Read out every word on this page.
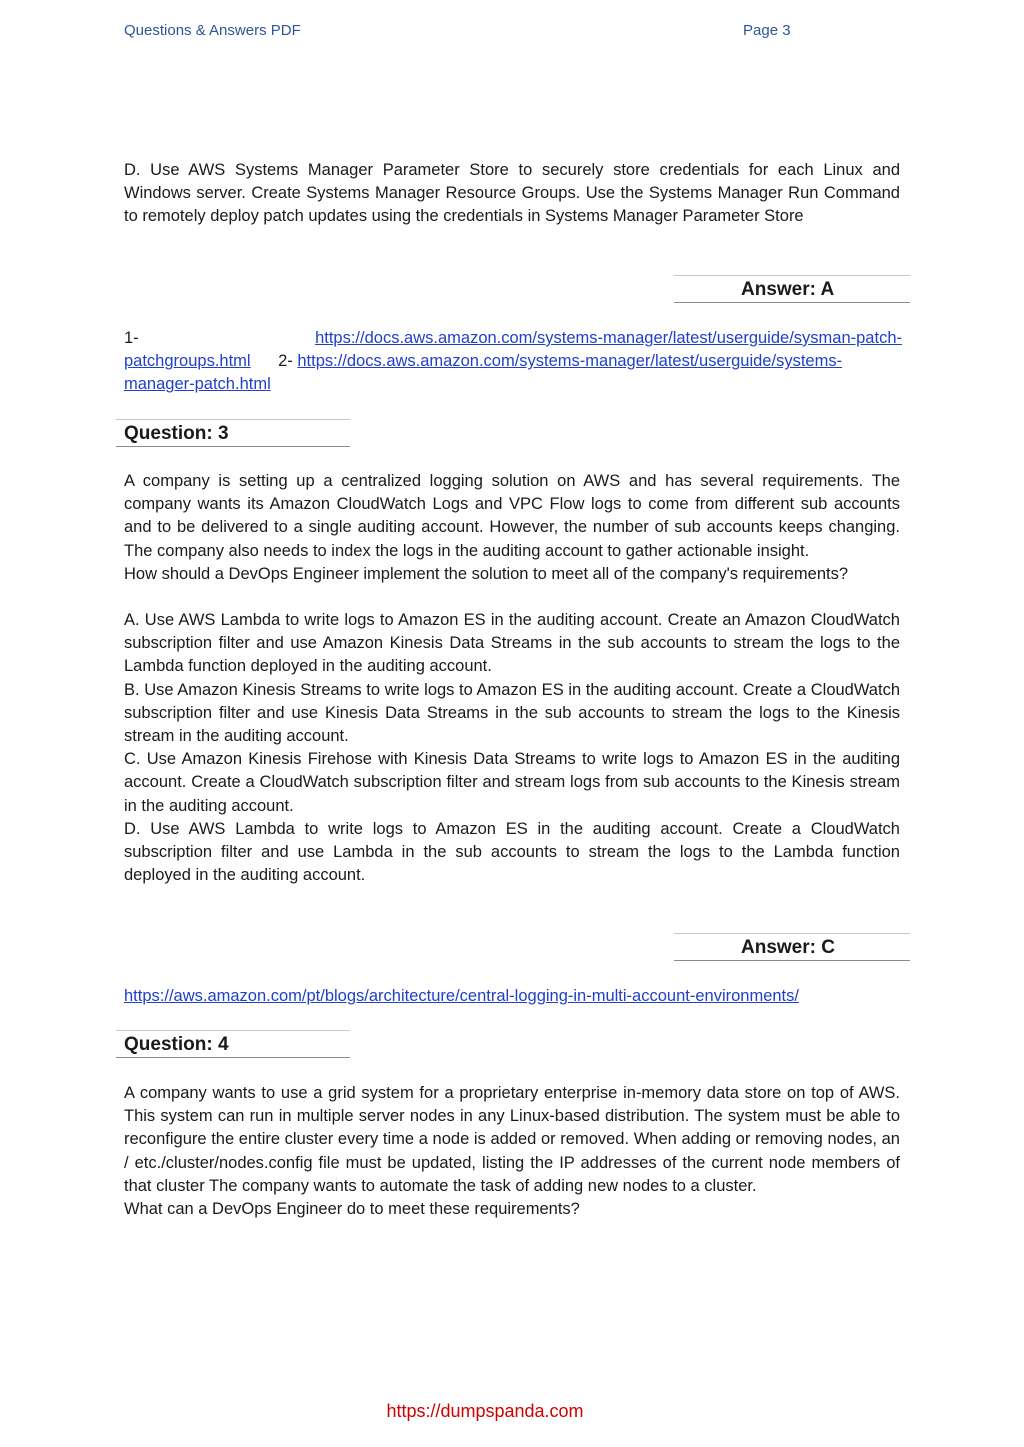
Questions & Answers PDF	Page 3

D. Use AWS Systems Manager Parameter Store to securely store credentials for each Linux and Windows server. Create Systems Manager Resource Groups. Use the Systems Manager Run Command to remotely deploy patch updates using the credentials in Systems Manager Parameter Store

Answer: A
1-	https://docs.aws.amazon.com/systems-manager/latest/userguide/sysman-patch-
patchgroups.html 2- https://docs.aws.amazon.com/systems-manager/latest/userguide/systems-
manager-patch.html
Question: 3

A company is setting up a centralized logging solution on AWS and has several requirements. The company wants its Amazon CloudWatch Logs and VPC Flow logs to come from different sub accounts and to be delivered to a single auditing account. However, the number of sub accounts keeps changing. The company also needs to index the logs in the auditing account to gather actionable insight.

How should a DevOps Engineer implement the solution to meet all of the company's requirements?

A. Use AWS Lambda to write logs to Amazon ES in the auditing account. Create an Amazon CloudWatch subscription filter and use Amazon Kinesis Data Streams in the sub accounts to stream the logs to the Lambda function deployed in the auditing account.

B. Use Amazon Kinesis Streams to write logs to Amazon ES in the auditing account. Create a CloudWatch subscription filter and use Kinesis Data Streams in the sub accounts to stream the logs to the Kinesis stream in the auditing account.

C. Use Amazon Kinesis Firehose with Kinesis Data Streams to write logs to Amazon ES in the auditing account. Create a CloudWatch subscription filter and stream logs from sub accounts to the Kinesis stream in the auditing account.

D. Use AWS Lambda to write logs to Amazon ES in the auditing account. Create a CloudWatch subscription filter and use Lambda in the sub accounts to stream the logs to the Lambda function deployed in the auditing account.

Answer: C
https://aws.amazon.com/pt/blogs/architecture/central-logging-in-multi-account-environments/
Question: 4

A company wants to use a grid system for a proprietary enterprise in-memory data store on top of AWS. This system can run in multiple server nodes in any Linux-based distribution. The system must be able to reconfigure the entire cluster every time a node is added or removed. When adding or removing nodes, an / etc./cluster/nodes.config file must be updated, listing the IP addresses of the current node members of that cluster The company wants to automate the task of adding new nodes to a cluster.

What can a DevOps Engineer do to meet these requirements?

https://dumpspanda.com
